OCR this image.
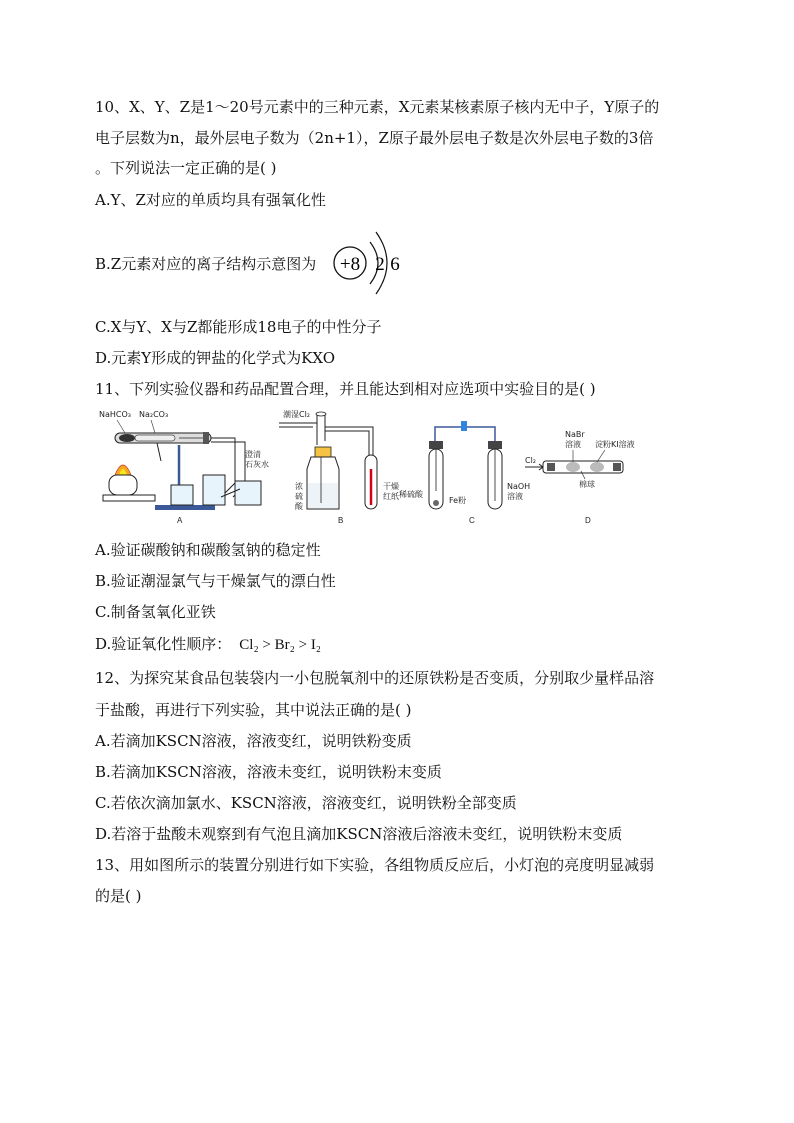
10、X、Y、Z是1～20号元素中的三种元素，X元素某核素原子核内无中子，Y原子的
电子层数为n，最外层电子数为（2n+1），Z原子最外层电子数是次外层电子数的3倍
。下列说法一定正确的是( )
A.Y、Z对应的单质均具有强氧化性
B.Z元素对应的离子结构示意图为 +8 2 6
C.X与Y、X与Z都能形成18电子的中性分子
D.元素Y形成的钾盐的化学式为KXO
11、下列实验仪器和药品配置合理，并且能达到相对应选项中实验目的是( )
NaHCO₃ Na₂CO₃
澄清
石灰水
A
潮湿Cl₂
浓
硫
酸
干燥
红纸
B
稀硫酸
Fe粉
NaOH
溶液
C
Cl₂
NaBr
溶液 淀粉KI溶液
棉球
D
A.验证碳酸钠和碳酸氢钠的稳定性
B.验证潮湿氯气与干燥氯气的漂白性
C.制备氢氧化亚铁
D.验证氧化性顺序： Cl₂ > Br₂ > I₂
12、为探究某食品包装袋内一小包脱氧剂中的还原铁粉是否变质，分别取少量样品溶
于盐酸，再进行下列实验，其中说法正确的是( )
A.若滴加KSCN溶液，溶液变红，说明铁粉变质
B.若滴加KSCN溶液，溶液未变红，说明铁粉末变质
C.若依次滴加氯水、KSCN溶液，溶液变红，说明铁粉全部变质
D.若溶于盐酸未观察到有气泡且滴加KSCN溶液后溶液未变红，说明铁粉末变质
13、用如图所示的装置分别进行如下实验，各组物质反应后，小灯泡的亮度明显减弱
的是( )
